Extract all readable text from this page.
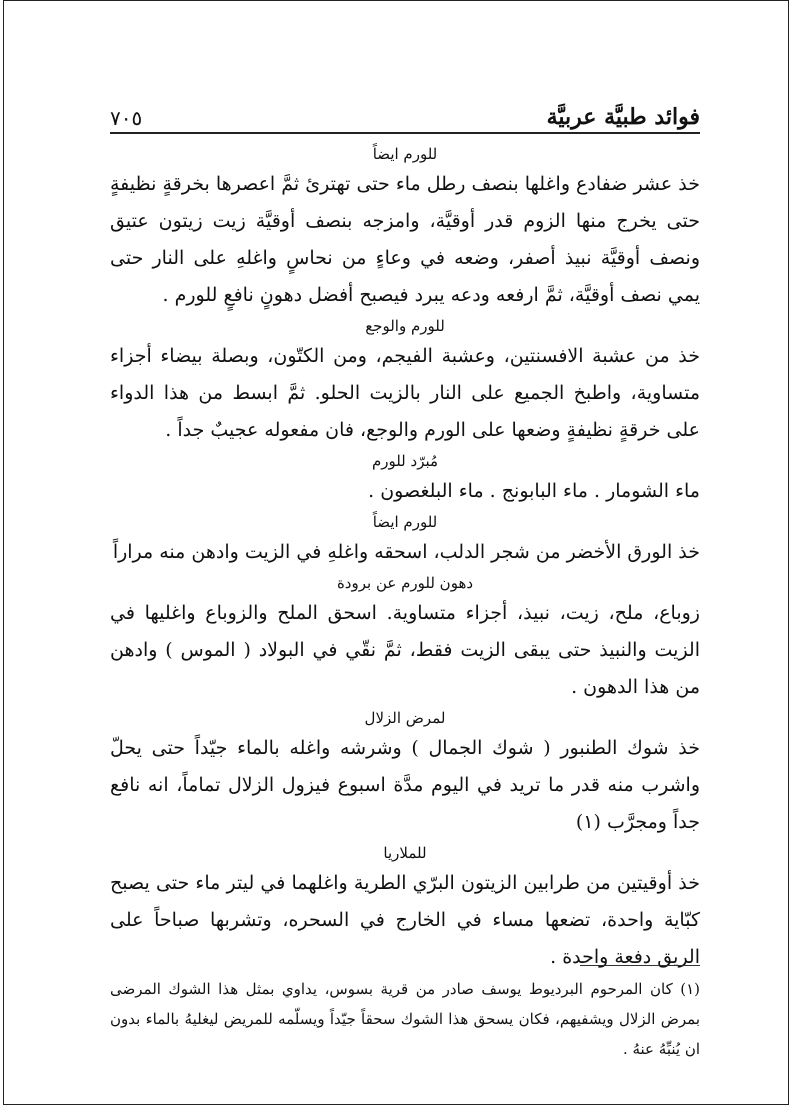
فوائد طبيَّة عربيَّة
٧٠٥

للورم ايضاً

خذ عشر ضفادع واغلها بنصف رطل ماء حتى تهترئ ثمَّ اعصرها بخرقةٍ نظيفةٍ حتى يخرج منها الزوم قدر أوقيَّة، وامزجه بنصف أوقيَّة زيت زيتون عتيق ونصف أوقيَّة نبيذ أصفر، وضعه في وعاءٍ من نحاسٍ واغلهِ على النار حتى يمي نصف أوقيَّة، ثمَّ ارفعه ودعه يبرد فيصبح أفضل دهونٍ نافعٍ للورم .

للورم والوجع

خذ من عشبة الافسنتين، وعشبة الفيجم، ومن الكتّون، وبصلة بيضاء أجزاء متساوية، واطبخ الجميع على النار بالزيت الحلو. ثمَّ ابسط من هذا الدواء على خرقةٍ نظيفةٍ وضعها على الورم والوجع، فان مفعوله عجيبٌ جداً .

مُبرّد للورم

ماء الشومار . ماء البابونج . ماء البلغصون .

للورم ايضاً

خذ الورق الأخضر من شجر الدلب، اسحقه واغلهِ في الزيت وادهن منه مراراً

دهون للورم عن برودة

زوباع، ملح، زيت، نبيذ، أجزاء متساوية. اسحق الملح والزوباع واغليها في الزيت والنبيذ حتى يبقى الزيت فقط، ثمَّ نقّي في البولاد ( الموس ) وادهن من هذا الدهون .

لمرض الزلال

خذ شوك الطنبور ( شوك الجمال ) وشرشه واغله بالماء جيّداً حتى يحلّ واشرب منه قدر ما تريد في اليوم مدَّة اسبوع فيزول الزلال تماماً، انه نافع جداً ومجرَّب (١)

للملاريا

خذ أوقيتين من طرابين الزيتون البرّي الطرية واغلهما في ليتر ماء حتى يصبح كبّاية واحدة، تضعها مساء في الخارج في السحره، وتشربها صباحاً على الريق دفعة واحدة .

(١) كان المرحوم البرديوط يوسف صادر من قرية بسوس، يداوي بمثل هذا الشوك المرضى بمرض الزلال ويشفيهم، فكان يسحق هذا الشوك سحقاً جيّداً ويسلّمه للمريض ليغليهُ بالماء بدون ان يُنبِّهُ عنهُ .
